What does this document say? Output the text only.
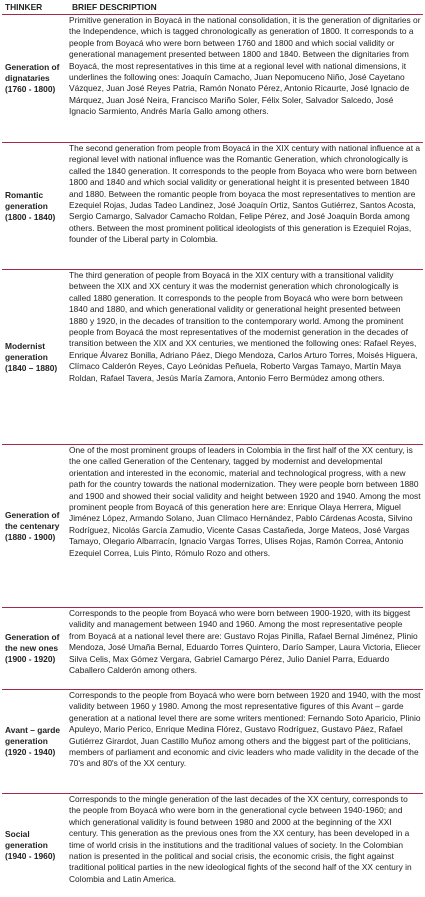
THINKER	BRIEF DESCRIPTION
Generation of dignataries (1760 - 1800)
Primitive generation in Boyacá in the national consolidation, it is the generation of dignitaries or the Independence, which is tagged chronologically as generation of 1800. It corresponds to a people from Boyacá who were born between 1760 and 1800 and which social validity or generational management presented between 1800 and 1840. Between the dignitaries from Boyacá, the most representatives in this time at a regional level with national dimensions, it underlines the following ones: Joaquín Camacho, Juan Nepomuceno Niño, José Cayetano Vázquez, Juan José Reyes Patria, Ramón Nonato Pérez, Antonio Ricaurte, José Ignacio de Márquez, Juan José Neira, Francisco Mariño Soler, Félix Soler, Salvador Salcedo, José Ignacio Sarmiento, Andrés María Gallo among others.
Romantic generation (1800 - 1840)
The second generation from people from Boyacá in the XIX century with national influence at a regional level with national influence was the Romantic Generation, which chronologically is called the 1840 generation. It corresponds to the people from Boyaca who were born between 1800 and 1840 and which social validity or generational height it is presented between 1840 and 1880. Between the romantic people from boyaca the most representatives to mention are Ezequiel Rojas, Judas Tadeo Landinez, José Joaquín Ortiz, Santos Gutiérrez, Santos Acosta, Sergio Camargo, Salvador Camacho Roldan, Felipe Pérez, and José Joaquín Borda among others. Between the most prominent political ideologists of this generation is Ezequiel Rojas, founder of the Liberal party in Colombia.
Modernist generation (1840 – 1880)
The third generation of people from Boyacá in the XIX century with a transitional validity between the XIX and XX century it was the modernist generation which chronologically is called 1880 generation. It corresponds to the people from Boyacá who were born between 1840 and 1880, and which generational validity or generational height presented between 1880 y 1920, in the decades of transition to the contemporary world. Among the prominent people from Boyacá the most representatives of the modernist generation in the decades of transition between the XIX and XX centuries, we mentioned the following ones: Rafael Reyes, Enrique Álvarez Bonilla, Adriano Páez, Diego Mendoza, Carlos Arturo Torres, Moisés Higuera, Clímaco Calderón Reyes, Cayo Leónidas Peñuela, Roberto Vargas Tamayo, Martín Maya Roldan, Rafael Tavera, Jesús María Zamora, Antonio Ferro Bermúdez among others.
Generation of the centenary (1880 - 1900)
One of the most prominent groups of leaders in Colombia in the first half of the XX century, is the one called Generation of the Centenary, tagged by modernist and developmental orientation and interested in the economic, material and technological progress, with a new path for the country towards the national modernization. They were people born between 1880 and 1900 and showed their social validity and height between 1920 and 1940. Among the most prominent people from Boyacá of this generation here are: Enrique Olaya Herrera, Miguel Jiménez López, Armando Solano, Juan Clímaco Hernández, Pablo Cárdenas Acosta, Silvino Rodríguez, Nicolás García Zamudio, Vicente Casas Castañeda, Jorge Mateos, José Vargas Tamayo, Olegario Albarracín, Ignacio Vargas Torres, Ulises Rojas, Ramón Correa, Antonio Ezequiel Correa, Luis Pinto, Rómulo Rozo and others.
Generation of the new ones (1900 - 1920)
Corresponds to the people from Boyacá who were born between 1900-1920, with its biggest validity and management between 1940 and 1960. Among the most representative people from Boyacá at a national level there are: Gustavo Rojas Pinilla, Rafael Bernal Jiménez, Plinio Mendoza, José Umaña Bernal, Eduardo Torres Quintero, Darío Samper, Laura Victoria, Eliecer Silva Celis, Max Gómez Vergara, Gabriel Camargo Pérez, Julio Daniel Parra, Eduardo Caballero Calderón among others.
Avant – garde generation (1920 - 1940)
Corresponds to the people from Boyacá who were born between 1920 and 1940, with the most validity between 1960 y 1980. Among the most representative figures of this Avant – garde generation at a national level there are some writers mentioned: Fernando Soto Aparicio, Plinio Apuleyo, Mario Perico, Enrique Medina Flórez, Gustavo Rodríguez, Gustavo Páez, Rafael Gutiérrez Girardot, Juan Castillo Muñoz among others and the biggest part of the politicians, members of parliament and economic and civic leaders who made validity in the decade of the 70's and 80's of the XX century.
Social generation (1940 - 1960)
Corresponds to the mingle generation of the last decades of the XX century, corresponds to the people from Boyacá who were born in the generational cycle between 1940-1960; and which generational validity is found between 1980 and 2000 at the beginning of the XXI century. This generation as the previous ones from the XX century, has been developed in a time of world crisis in the institutions and the traditional values of society. In the Colombian nation is presented in the political and social crisis, the economic crisis, the fight against traditional political parties in the new ideological fights of the second half of the XX century in Colombia and Latin America.
